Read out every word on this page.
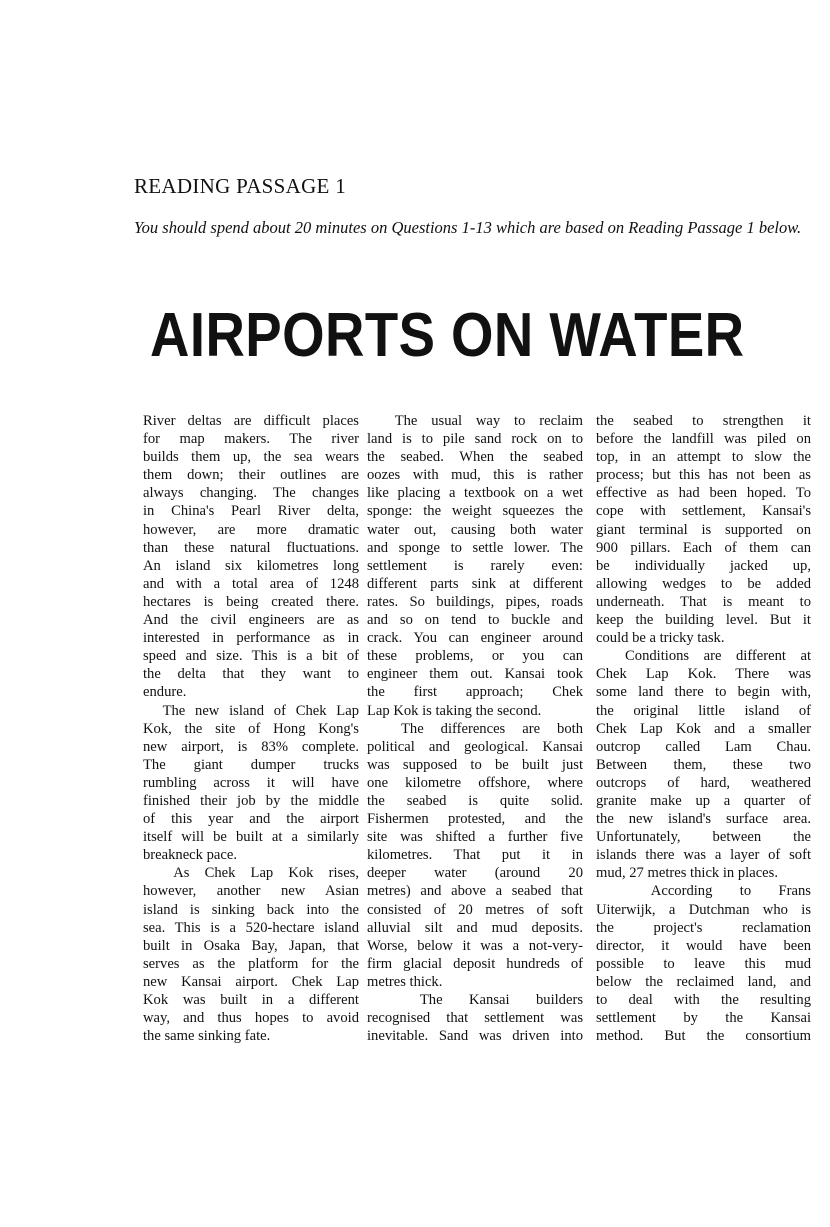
READING PASSAGE 1

You should spend about 20 minutes on Questions 1-13 which are based on Reading Passage 1 below.

AIRPORTS ON WATER
River deltas are difficult places
for map makers. The river
builds them up, the sea wears
them down; their outlines are
always changing. The changes
in China's Pearl River delta,
however, are more dramatic
than these natural fluctuations.
An island six kilometres long
and with a total area of 1248
hectares is being created there.
And the civil engineers are as
interested in performance as in
speed and size. This is a bit of
the delta that they want to
endure.
The new island of Chek Lap
Kok, the site of Hong Kong's
new airport, is 83% complete.
The giant dumper trucks
rumbling across it will have
finished their job by the middle
of this year and the airport
itself will be built at a similarly
breakneck pace.
As Chek Lap Kok rises,
however, another new Asian
island is sinking back into the
sea. This is a 520-hectare island
built in Osaka Bay, Japan, that
serves as the platform for the
new Kansai airport. Chek Lap
Kok was built in a different
way, and thus hopes to avoid
the same sinking fate.
The usual way to reclaim
land is to pile sand rock on to
the seabed. When the seabed
oozes with mud, this is rather
like placing a textbook on a wet
sponge: the weight squeezes the
water out, causing both water
and sponge to settle lower. The
settlement is rarely even:
different parts sink at different
rates. So buildings, pipes, roads
and so on tend to buckle and
crack. You can engineer around
these problems, or you can
engineer them out. Kansai took
the first approach; Chek
Lap Kok is taking the second.
The differences are both
political and geological. Kansai
was supposed to be built just
one kilometre offshore, where
the seabed is quite solid.
Fishermen protested, and the
site was shifted a further five
kilometres. That put it in
deeper water (around 20
metres) and above a seabed that
consisted of 20 metres of soft
alluvial silt and mud deposits.
Worse, below it was a not-very-
firm glacial deposit hundreds of
metres thick.
The Kansai builders
recognised that settlement was
inevitable. Sand was driven into
the seabed to strengthen it
before the landfill was piled on
top, in an attempt to slow the
process; but this has not been as
effective as had been hoped. To
cope with settlement, Kansai's
giant terminal is supported on
900 pillars. Each of them can
be individually jacked up,
allowing wedges to be added
underneath. That is meant to
keep the building level. But it
could be a tricky task.
Conditions are different at
Chek Lap Kok. There was
some land there to begin with,
the original little island of
Chek Lap Kok and a smaller
outcrop called Lam Chau.
Between them, these two
outcrops of hard, weathered
granite make up a quarter of
the new island's surface area.
Unfortunately, between the
islands there was a layer of soft
mud, 27 metres thick in places.
According to Frans
Uiterwijk, a Dutchman who is
the project's reclamation
director, it would have been
possible to leave this mud
below the reclaimed land, and
to deal with the resulting
settlement by the Kansai
method. But the consortium
